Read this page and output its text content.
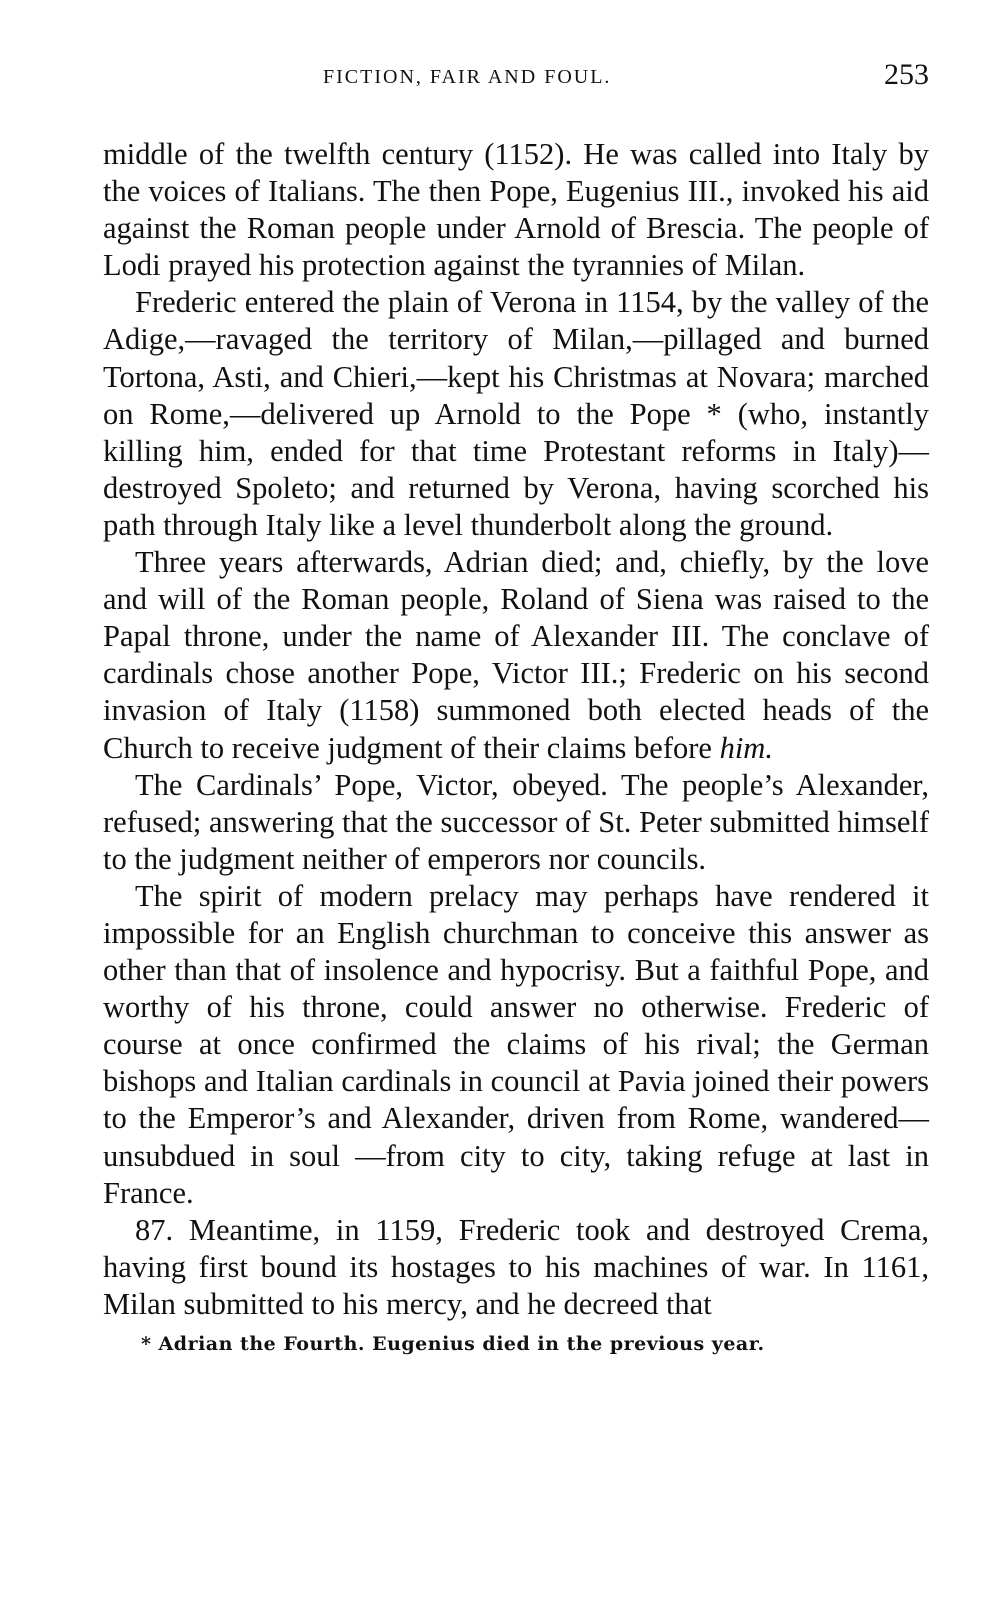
FICTION, FAIR AND FOUL.	253

middle of the twelfth century (1152). He was called into Italy by the voices of Italians. The then Pope, Eugenius III., invoked his aid against the Roman people under Arnold of Brescia. The people of Lodi prayed his protection against the tyrannies of Milan.

Frederic entered the plain of Verona in 1154, by the valley of the Adige,—ravaged the territory of Milan,—pillaged and burned Tortona, Asti, and Chieri,—kept his Christmas at Novara; marched on Rome,—delivered up Arnold to the Pope * (who, instantly killing him, ended for that time Protestant reforms in Italy)—destroyed Spoleto; and returned by Verona, having scorched his path through Italy like a level thunderbolt along the ground.

Three years afterwards, Adrian died; and, chiefly, by the love and will of the Roman people, Roland of Siena was raised to the Papal throne, under the name of Alexander III. The conclave of cardinals chose another Pope, Victor III.; Frederic on his second invasion of Italy (1158) summoned both elected heads of the Church to receive judgment of their claims before him.

The Cardinals’ Pope, Victor, obeyed. The people’s Alexander, refused; answering that the successor of St. Peter submitted himself to the judgment neither of emperors nor councils.

The spirit of modern prelacy may perhaps have rendered it impossible for an English churchman to conceive this answer as other than that of insolence and hypocrisy. But a faithful Pope, and worthy of his throne, could answer no otherwise. Frederic of course at once confirmed the claims of his rival; the German bishops and Italian cardinals in council at Pavia joined their powers to the Emperor’s and Alexander, driven from Rome, wandered—unsubdued in soul —from city to city, taking refuge at last in France.

87. Meantime, in 1159, Frederic took and destroyed Crema, having first bound its hostages to his machines of war. In 1161, Milan submitted to his mercy, and he decreed that

* Adrian the Fourth. Eugenius died in the previous year.
